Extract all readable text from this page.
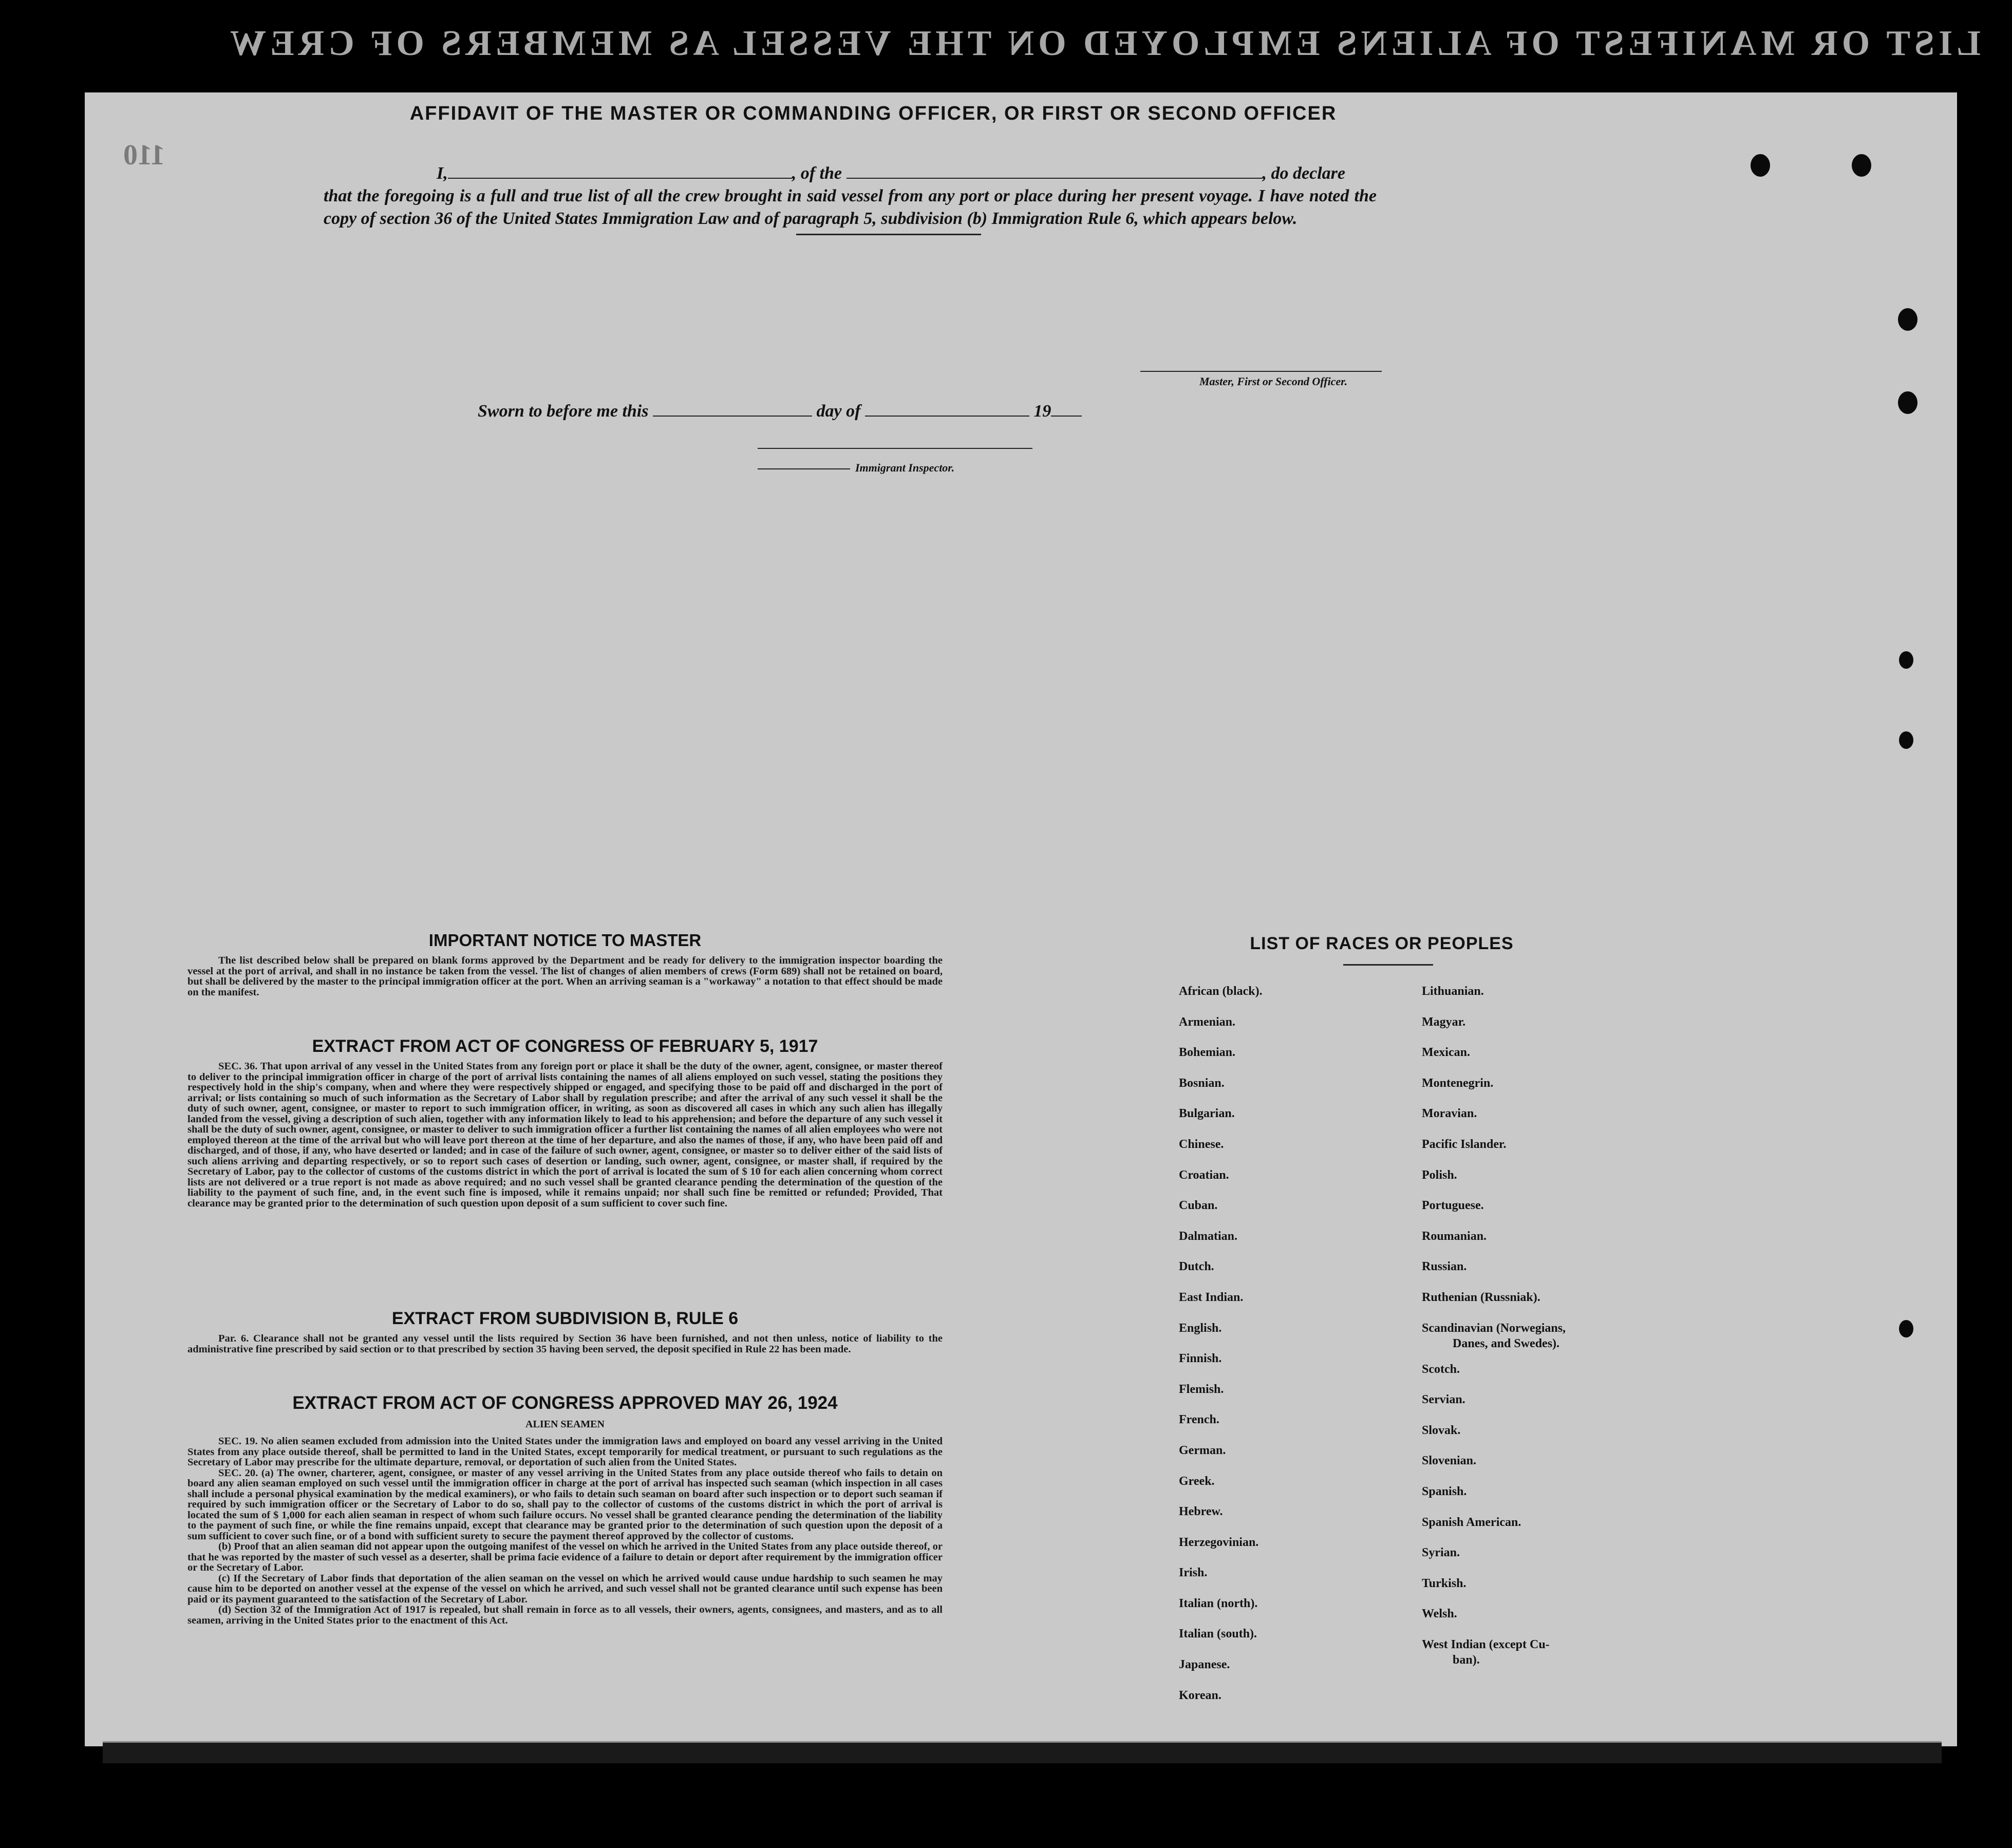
LIST OR MANIFEST OF ALIENS EMPLOYED ON THE VESSEL AS MEMBERS OF CREW
110
AFFIDAVIT OF THE MASTER OR COMMANDING OFFICER, OR FIRST OR SECOND OFFICER
I,	, of the	, do declare
that the foregoing is a full and true list of all the crew brought in said vessel from any port or place during her present voyage. I have noted the copy of section 36 of the United States Immigration Law and of paragraph 5, subdivision (b) Immigration Rule 6, which appears below.
Master, First or Second Officer.
Sworn to before me this	day of	19
Immigrant Inspector.
IMPORTANT NOTICE TO MASTER

The list described below shall be prepared on blank forms approved by the Department and be ready for delivery to the immigration inspector boarding the vessel at the port of arrival, and shall in no instance be taken from the vessel. The list of changes of alien members of crews (Form 689) shall not be retained on board, but shall be delivered by the master to the principal immigration officer at the port. When an arriving seaman is a "workaway" a notation to that effect should be made on the manifest.

EXTRACT FROM ACT OF CONGRESS OF FEBRUARY 5, 1917

SEC. 36. That upon arrival of any vessel in the United States from any foreign port or place it shall be the duty of the owner, agent, consignee, or master thereof to deliver to the principal immigration officer in charge of the port of arrival lists containing the names of all aliens employed on such vessel, stating the positions they respectively hold in the ship's company, when and where they were respectively shipped or engaged, and specifying those to be paid off and discharged in the port of arrival; or lists containing so much of such information as the Secretary of Labor shall by regulation prescribe; and after the arrival of any such vessel it shall be the duty of such owner, agent, consignee, or master to report to such immigration officer, in writing, as soon as discovered all cases in which any such alien has illegally landed from the vessel, giving a description of such alien, together with any information likely to lead to his apprehension; and before the departure of any such vessel it shall be the duty of such owner, agent, consignee, or master to deliver to such immigration officer a further list containing the names of all alien employees who were not employed thereon at the time of the arrival but who will leave port thereon at the time of her departure, and also the names of those, if any, who have been paid off and discharged, and of those, if any, who have deserted or landed; and in case of the failure of such owner, agent, consignee, or master so to deliver either of the said lists of such aliens arriving and departing respectively, or so to report such cases of desertion or landing, such owner, agent, consignee, or master shall, if required by the Secretary of Labor, pay to the collector of customs of the customs district in which the port of arrival is located the sum of $ 10 for each alien concerning whom correct lists are not delivered or a true report is not made as above required; and no such vessel shall be granted clearance pending the determination of the question of the liability to the payment of such fine, and, in the event such fine is imposed, while it remains unpaid; nor shall such fine be remitted or refunded; Provided, That clearance may be granted prior to the determination of such question upon deposit of a sum sufficient to cover such fine.

EXTRACT FROM SUBDIVISION B, RULE 6

Par. 6. Clearance shall not be granted any vessel until the lists required by Section 36 have been furnished, and not then unless, notice of liability to the administrative fine prescribed by said section or to that prescribed by section 35 having been served, the deposit specified in Rule 22 has been made.

EXTRACT FROM ACT OF CONGRESS APPROVED MAY 26, 1924
ALIEN SEAMEN

SEC. 19. No alien seamen excluded from admission into the United States under the immigration laws and employed on board any vessel arriving in the United States from any place outside thereof, shall be permitted to land in the United States, except temporarily for medical treatment, or pursuant to such regulations as the Secretary of Labor may prescribe for the ultimate departure, removal, or deportation of such alien from the United States.

SEC. 20. (a) The owner, charterer, agent, consignee, or master of any vessel arriving in the United States from any place outside thereof who fails to detain on board any alien seaman employed on such vessel until the immigration officer in charge at the port of arrival has inspected such seaman (which inspection in all cases shall include a personal physical examination by the medical examiners), or who fails to detain such seaman on board after such inspection or to deport such seaman if required by such immigration officer or the Secretary of Labor to do so, shall pay to the collector of customs of the customs district in which the port of arrival is located the sum of $ 1,000 for each alien seaman in respect of whom such failure occurs. No vessel shall be granted clearance pending the determination of the liability to the payment of such fine, or while the fine remains unpaid, except that clearance may be granted prior to the determination of such question upon the deposit of a sum sufficient to cover such fine, or of a bond with sufficient surety to secure the payment thereof approved by the collector of customs.

(b) Proof that an alien seaman did not appear upon the outgoing manifest of the vessel on which he arrived in the United States from any place outside thereof, or that he was reported by the master of such vessel as a deserter, shall be prima facie evidence of a failure to detain or deport after requirement by the immigration officer or the Secretary of Labor.

(c) If the Secretary of Labor finds that deportation of the alien seaman on the vessel on which he arrived would cause undue hardship to such seamen he may cause him to be deported on another vessel at the expense of the vessel on which he arrived, and such vessel shall not be granted clearance until such expense has been paid or its payment guaranteed to the satisfaction of the Secretary of Labor.

(d) Section 32 of the Immigration Act of 1917 is repealed, but shall remain in force as to all vessels, their owners, agents, consignees, and masters, and as to all seamen, arriving in the United States prior to the enactment of this Act.

LIST OF RACES OR PEOPLES
African (black).
Armenian.
Bohemian.
Bosnian.
Bulgarian.
Chinese.
Croatian.
Cuban.
Dalmatian.
Dutch.
East Indian.
English.
Finnish.
Flemish.
French.
German.
Greek.
Hebrew.
Herzegovinian.
Irish.
Italian (north).
Italian (south).
Japanese.
Korean.
Lithuanian.
Magyar.
Mexican.
Montenegrin.
Moravian.
Pacific Islander.
Polish.
Portuguese.
Roumanian.
Russian.
Ruthenian (Russniak).
Scandinavian (Norwegians,
Danes, and Swedes).
Scotch.
Servian.
Slovak.
Slovenian.
Spanish.
Spanish American.
Syrian.
Turkish.
Welsh.
West Indian (except Cu-
ban).
